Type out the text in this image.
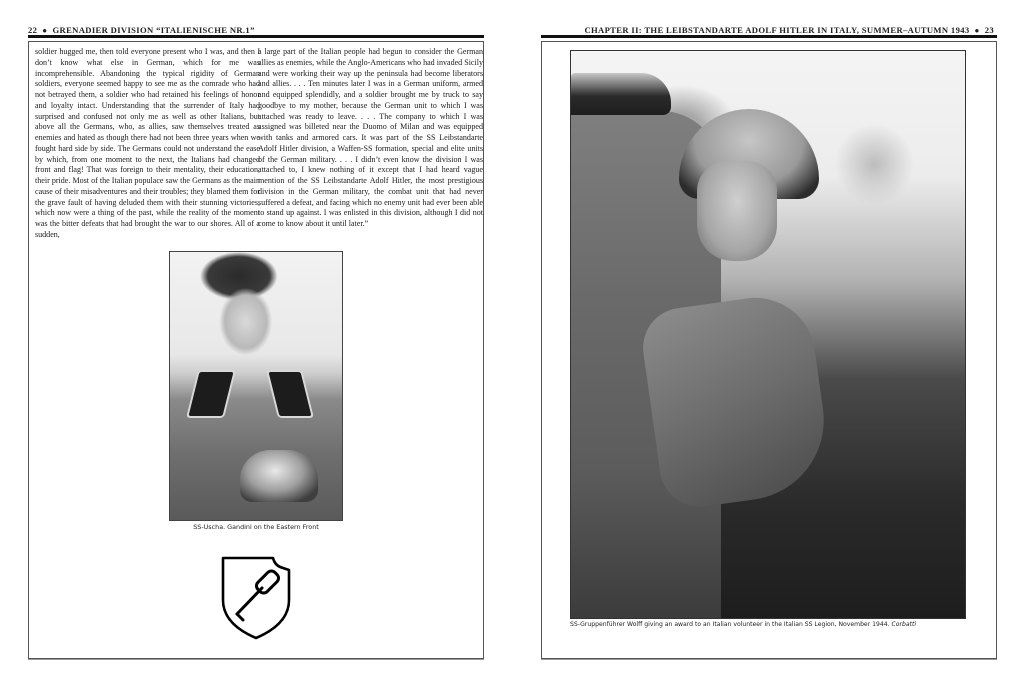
22 ● GRENADIER DIVISION “ITALIENISCHE NR.1”	CHAPTER II: THE LEIBSTANDARTE ADOLF HITLER IN ITALY, SUMMER–AUTUMN 1943 ● 23

soldier hugged me, then told everyone present who I was, and then I don’t know what else in German, which for me was incomprehensible. Abandoning the typical rigidity of German soldiers, everyone seemed happy to see me as the comrade who had not betrayed them, a soldier who had retained his feelings of honor and loyalty intact. Understanding that the surrender of Italy had surprised and confused not only me as well as other Italians, but above all the Germans, who, as allies, saw themselves treated as enemies and hated as though there had not been three years when we fought hard side by side. The Germans could not understand the ease by which, from one moment to the next, the Italians had changed front and flag! That was foreign to their mentality, their education, their pride. Most of the Italian populace saw the Germans as the main cause of their misadventures and their troubles; they blamed them for the grave fault of having deluded them with their stunning victories, which now were a thing of the past, while the reality of the moment was the bitter defeats that had brought the war to our shores. All of a sudden,

a large part of the Italian people had begun to consider the German allies as enemies, while the Anglo-Americans who had invaded Sicily and were working their way up the peninsula had become liberators and allies. . . . Ten minutes later I was in a German uniform, armed and equipped splendidly, and a soldier brought me by truck to say goodbye to my mother, because the German unit to which I was attached was ready to leave. . . . The company to which I was assigned was billeted near the Duomo of Milan and was equipped with tanks and armored cars. It was part of the SS Leibstandarte Adolf Hitler division, a Waffen-SS formation, special and elite units of the German military. . . . I didn’t even know the division I was attached to, I knew nothing of it except that I had heard vague mention of the SS Leibstandarte Adolf Hitler, the most prestigious division in the German military, the combat unit that had never suffered a defeat, and facing which no enemy unit had ever been able to stand up against. I was enlisted in this division, although I did not come to know about it until later.”

SS-Uscha. Gandini on the Eastern Front
SS-Gruppenführer Wolff giving an award to an Italian volunteer in the Italian SS Legion, November 1944. Corbatti
